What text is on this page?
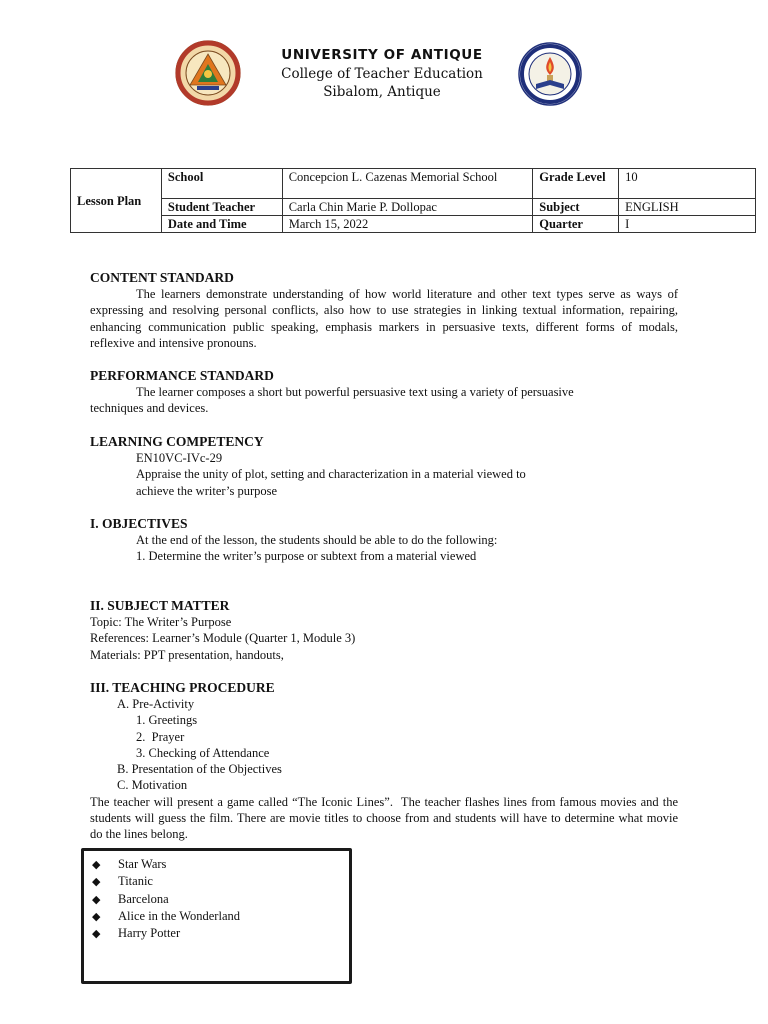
UNIVERSITY OF ANTIQUE
College of Teacher Education
Sibalom, Antique
Lesson Plan	School	Concepcion L. Cazenas Memorial School	Grade Level	10
	Student Teacher	Carla Chin Marie P. Dollopac	Subject	ENGLISH
	Date and Time	March 15, 2022	Quarter	I
CONTENT STANDARD
The learners demonstrate understanding of how world literature and other text types serve as ways of expressing and resolving personal conflicts, also how to use strategies in linking textual information, repairing, enhancing communication public speaking, emphasis markers in persuasive texts, different forms of modals, reflexive and intensive pronouns.
PERFORMANCE STANDARD
The learner composes a short but powerful persuasive text using a variety of persuasive
techniques and devices.
LEARNING COMPETENCY
EN10VC-IVc-29
Appraise the unity of plot, setting and characterization in a material viewed to
achieve the writer’s purpose
I. OBJECTIVES
At the end of the lesson, the students should be able to do the following:
1. Determine the writer’s purpose or subtext from a material viewed
II. SUBJECT MATTER
Topic: The Writer’s Purpose
References: Learner’s Module (Quarter 1, Module 3)
Materials: PPT presentation, handouts,
III. TEACHING PROCEDURE
A. Pre-Activity
1. Greetings
2.  Prayer
3. Checking of Attendance
B. Presentation of the Objectives
C. Motivation
The teacher will present a game called “The Iconic Lines”.  The teacher flashes lines from famous movies and the students will guess the film. There are movie titles to choose from and students will have to determine what movie do the lines belong.
◆ Star Wars
◆ Titanic
◆ Barcelona
◆ Alice in the Wonderland
◆ Harry Potter
